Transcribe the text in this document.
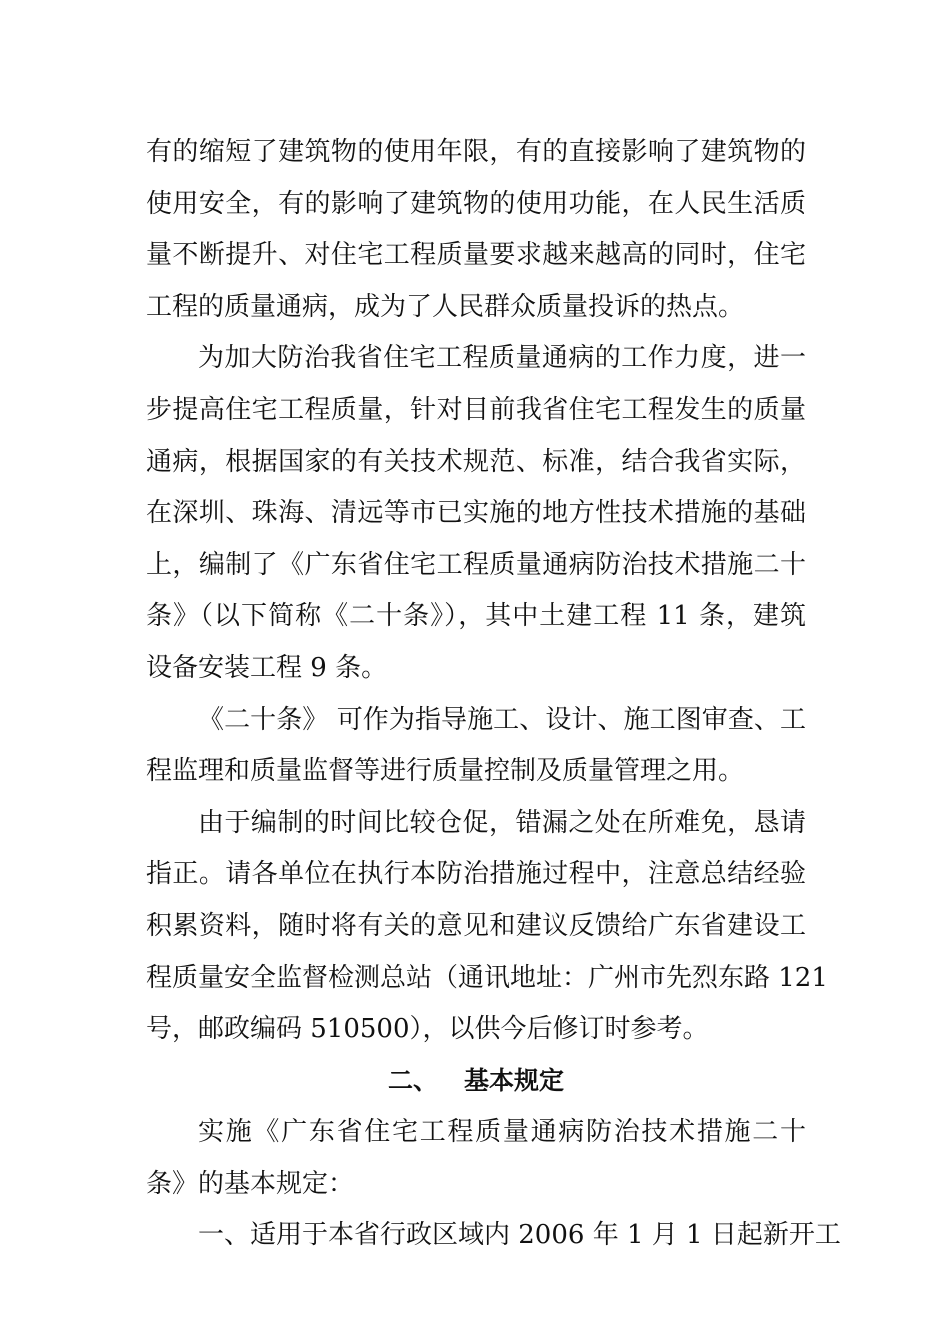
有的缩短了建筑物的使用年限，有的直接影响了建筑物的
使用安全，有的影响了建筑物的使用功能，在人民生活质
量不断提升、对住宅工程质量要求越来越高的同时，住宅
工程的质量通病，成为了人民群众质量投诉的热点。
为加大防治我省住宅工程质量通病的工作力度，进一
步提高住宅工程质量，针对目前我省住宅工程发生的质量
通病，根据国家的有关技术规范、标准，结合我省实际，
在深圳、珠海、清远等市已实施的地方性技术措施的基础
上，编制了《广东省住宅工程质量通病防治技术措施二十
条》（以下简称《二十条》），其中土建工程 11 条，建筑
设备安装工程 9 条。
《二十条》 可作为指导施工、设计、施工图审查、工
程监理和质量监督等进行质量控制及质量管理之用。
由于编制的时间比较仓促，错漏之处在所难免，恳请
指正。请各单位在执行本防治措施过程中，注意总结经验
积累资料，随时将有关的意见和建议反馈给广东省建设工
程质量安全监督检测总站（通讯地址：广州市先烈东路 121
号，邮政编码 510500），以供今后修订时参考。
二、   基本规定
实施《广东省住宅工程质量通病防治技术措施二十
条》的基本规定：
一、适用于本省行政区域内 2006 年 1 月 1 日起新开工
